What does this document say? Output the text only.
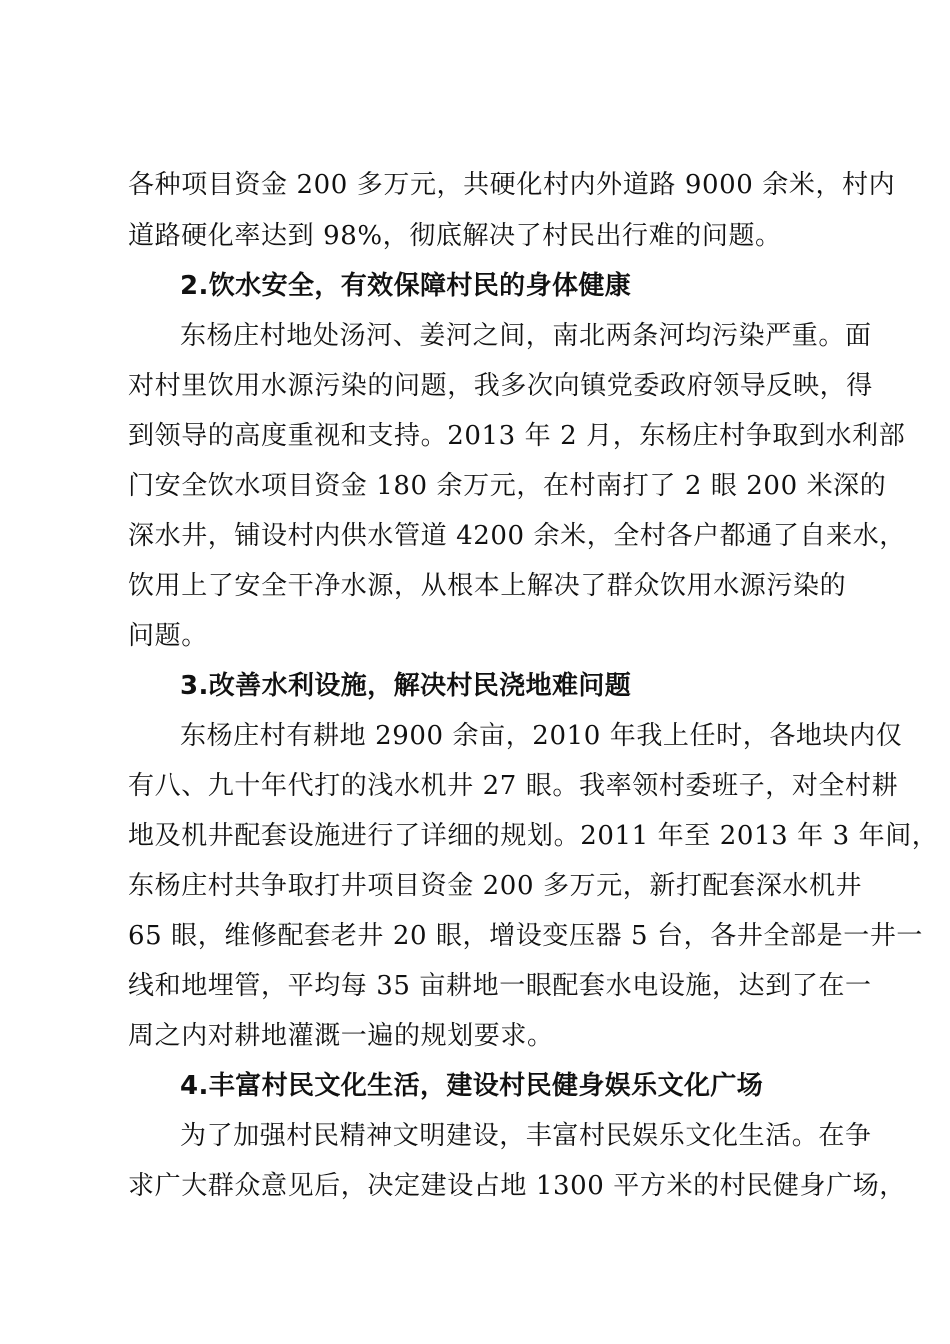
各种项目资金 200 多万元，共硬化村内外道路 9000 余米，村内
道路硬化率达到 98%，彻底解决了村民出行难的问题。
2.饮水安全，有效保障村民的身体健康
东杨庄村地处汤河、姜河之间，南北两条河均污染严重。面
对村里饮用水源污染的问题，我多次向镇党委政府领导反映，得
到领导的高度重视和支持。2013 年 2 月，东杨庄村争取到水利部
门安全饮水项目资金 180 余万元，在村南打了 2 眼 200 米深的
深水井，铺设村内供水管道 4200 余米，全村各户都通了自来水，
饮用上了安全干净水源，从根本上解决了群众饮用水源污染的
问题。
3.改善水利设施，解决村民浇地难问题
东杨庄村有耕地 2900 余亩，2010 年我上任时，各地块内仅
有八、九十年代打的浅水机井 27 眼。我率领村委班子，对全村耕
地及机井配套设施进行了详细的规划。2011 年至 2013 年 3 年间，
东杨庄村共争取打井项目资金 200 多万元，新打配套深水机井
65 眼，维修配套老井 20 眼，增设变压器 5 台，各井全部是一井一
线和地埋管，平均每 35 亩耕地一眼配套水电设施，达到了在一
周之内对耕地灌溉一遍的规划要求。
4.丰富村民文化生活，建设村民健身娱乐文化广场
为了加强村民精神文明建设，丰富村民娱乐文化生活。在争
求广大群众意见后，决定建设占地 1300 平方米的村民健身广场，
